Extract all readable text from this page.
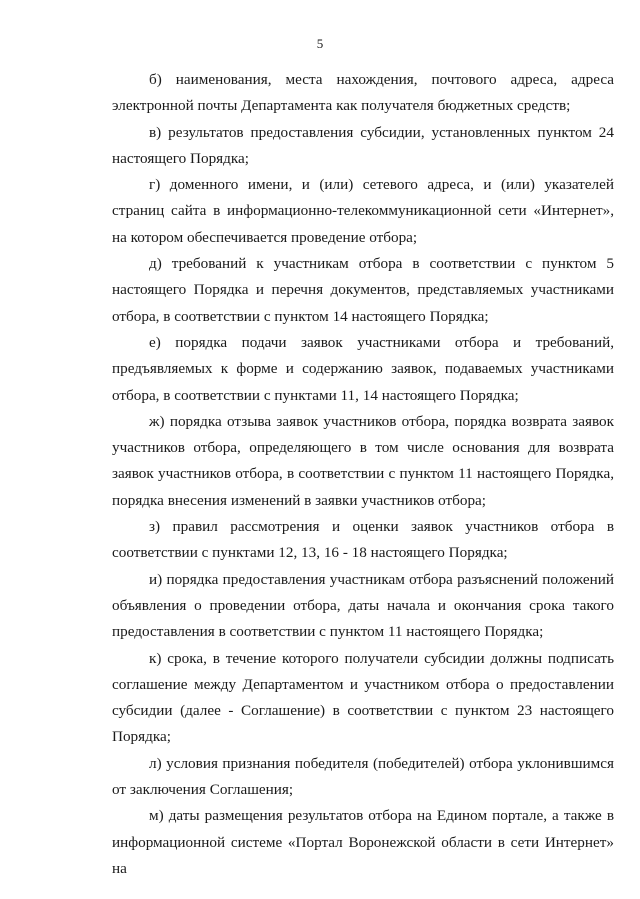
5

б) наименования, места нахождения, почтового адреса, адреса электронной почты Департамента как получателя бюджетных средств;

в) результатов предоставления субсидии, установленных пунктом 24 настоящего Порядка;

г) доменного имени, и (или) сетевого адреса, и (или) указателей страниц сайта в информационно-телекоммуникационной сети «Интернет», на котором обеспечивается проведение отбора;

д) требований к участникам отбора в соответствии с пунктом 5 настоящего Порядка и перечня документов, представляемых участниками отбора, в соответствии с пунктом 14 настоящего Порядка;

е) порядка подачи заявок участниками отбора и требований, предъявляемых к форме и содержанию заявок, подаваемых участниками отбора, в соответствии с пунктами 11, 14 настоящего Порядка;

ж) порядка отзыва заявок участников отбора, порядка возврата заявок участников отбора, определяющего в том числе основания для возврата заявок участников отбора, в соответствии с пунктом 11 настоящего Порядка, порядка внесения изменений в заявки участников отбора;

з) правил рассмотрения и оценки заявок участников отбора в соответствии с пунктами 12, 13, 16 - 18 настоящего Порядка;

и) порядка предоставления участникам отбора разъяснений положений объявления о проведении отбора, даты начала и окончания срока такого предоставления в соответствии с пунктом 11 настоящего Порядка;

к) срока, в течение которого получатели субсидии должны подписать соглашение между Департаментом и участником отбора о предоставлении субсидии (далее - Соглашение) в соответствии с пунктом 23 настоящего Порядка;

л) условия признания победителя (победителей) отбора уклонившимся от заключения Соглашения;

м) даты размещения результатов отбора на Едином портале, а также в информационной системе «Портал Воронежской области в сети Интернет» на
